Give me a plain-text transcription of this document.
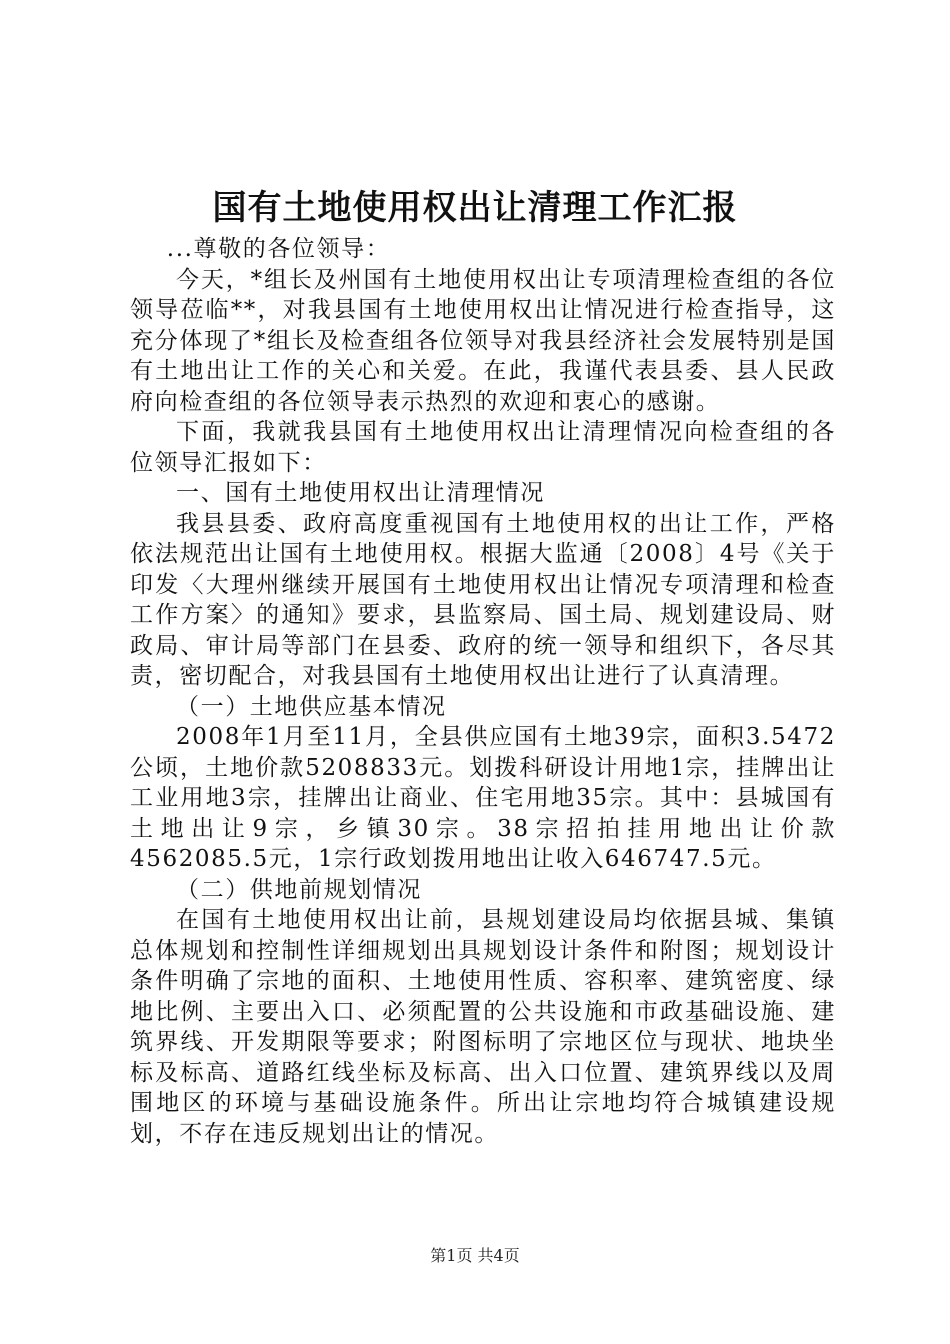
国有土地使用权出让清理工作汇报

...尊敬的各位领导：

今天，*组长及州国有土地使用权出让专项清理检查组的各位领导莅临**，对我县国有土地使用权出让情况进行检查指导，这充分体现了*组长及检查组各位领导对我县经济社会发展特别是国有土地出让工作的关心和关爱。在此，我谨代表县委、县人民政府向检查组的各位领导表示热烈的欢迎和衷心的感谢。

下面，我就我县国有土地使用权出让清理情况向检查组的各位领导汇报如下：

一、国有土地使用权出让清理情况

我县县委、政府高度重视国有土地使用权的出让工作，严格依法规范出让国有土地使用权。根据大监通〔2008〕4号《关于印发〈大理州继续开展国有土地使用权出让情况专项清理和检查工作方案〉的通知》要求，县监察局、国土局、规划建设局、财政局、审计局等部门在县委、政府的统一领导和组织下，各尽其责，密切配合，对我县国有土地使用权出让进行了认真清理。

（一）土地供应基本情况

2008年1月至11月，全县供应国有土地39宗，面积3.5472公顷，土地价款5208833元。划拨科研设计用地1宗，挂牌出让工业用地3宗，挂牌出让商业、住宅用地35宗。其中：县城国有土地出让9宗，乡镇30宗。38宗招拍挂用地出让价款4562085.5元，1宗行政划拨用地出让收入646747.5元。

（二）供地前规划情况

在国有土地使用权出让前，县规划建设局均依据县城、集镇总体规划和控制性详细规划出具规划设计条件和附图；规划设计条件明确了宗地的面积、土地使用性质、容积率、建筑密度、绿地比例、主要出入口、必须配置的公共设施和市政基础设施、建筑界线、开发期限等要求；附图标明了宗地区位与现状、地块坐标及标高、道路红线坐标及标高、出入口位置、建筑界线以及周围地区的环境与基础设施条件。所出让宗地均符合城镇建设规划，不存在违反规划出让的情况。

第1页 共4页
